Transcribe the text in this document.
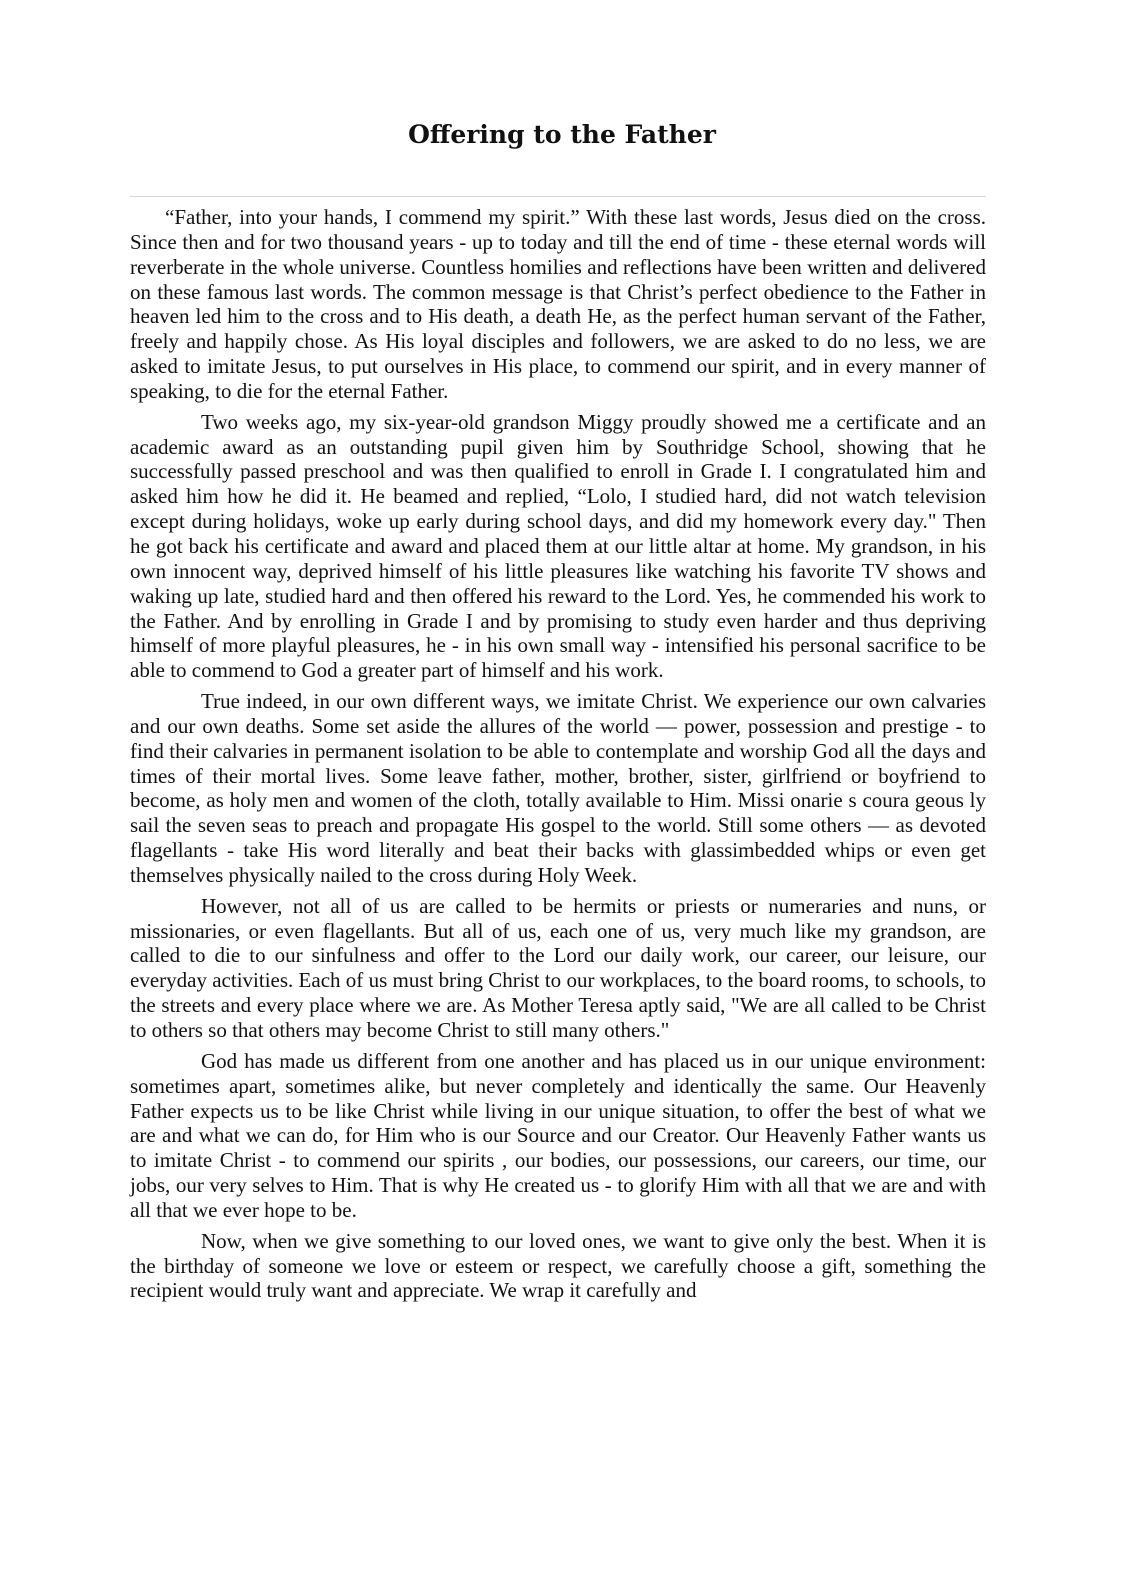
Offering to the Father

“Father, into your hands, I commend my spirit.” With these last words, Jesus died on the cross. Since then and for two thousand years - up to today and till the end of time - these eternal words will reverberate in the whole universe. Countless homilies and reflections have been written and delivered on these famous last words. The common message is that Christ’s perfect obedience to the Father in heaven led him to the cross and to His death, a death He, as the perfect human servant of the Father, freely and happily chose. As His loyal disciples and followers, we are asked to do no less, we are asked to imitate Jesus, to put ourselves in His place, to commend our spirit, and in every manner of speaking, to die for the eternal Father.

Two weeks ago, my six-year-old grandson Miggy proudly showed me a certificate and an academic award as an outstanding pupil given him by Southridge School, showing that he successfully passed preschool and was then qualified to enroll in Grade I. I congratulated him and asked him how he did it. He beamed and replied, “Lolo, I studied hard, did not watch television except during holidays, woke up early during school days, and did my homework every day." Then he got back his certificate and award and placed them at our little altar at home. My grandson, in his own innocent way, deprived himself of his little pleasures like watching his favorite TV shows and waking up late, studied hard and then offered his reward to the Lord. Yes, he commended his work to the Father. And by enrolling in Grade I and by promising to study even harder and thus depriving himself of more playful pleasures, he - in his own small way - intensified his personal sacrifice to be able to commend to God a greater part of himself and his work.

True indeed, in our own different ways, we imitate Christ. We experience our own calvaries and our own deaths. Some set aside the allures of the world — power, possession and prestige - to find their calvaries in permanent isolation to be able to contemplate and worship God all the days and times of their mortal lives. Some leave father, mother, brother, sister, girlfriend or boyfriend to become, as holy men and women of the cloth, totally available to Him. Missi onarie s coura geous ly sail the seven seas to preach and propagate His gospel to the world. Still some others — as devoted flagellants - take His word literally and beat their backs with glassimbedded whips or even get themselves physically nailed to the cross during Holy Week.

However, not all of us are called to be hermits or priests or numeraries and nuns, or missionaries, or even flagellants. But all of us, each one of us, very much like my grandson, are called to die to our sinfulness and offer to the Lord our daily work, our career, our leisure, our everyday activities. Each of us must bring Christ to our workplaces, to the board rooms, to schools, to the streets and every place where we are. As Mother Teresa aptly said, "We are all called to be Christ to others so that others may become Christ to still many others."

God has made us different from one another and has placed us in our unique environment: sometimes apart, sometimes alike, but never completely and identically the same. Our Heavenly Father expects us to be like Christ while living in our unique situation, to offer the best of what we are and what we can do, for Him who is our Source and our Creator. Our Heavenly Father wants us to imitate Christ - to commend our spirits , our bodies, our possessions, our careers, our time, our jobs, our very selves to Him. That is why He created us - to glorify Him with all that we are and with all that we ever hope to be.

Now, when we give something to our loved ones, we want to give only the best. When it is the birthday of someone we love or esteem or respect, we carefully choose a gift, something the recipient would truly want and appreciate. We wrap it carefully and
